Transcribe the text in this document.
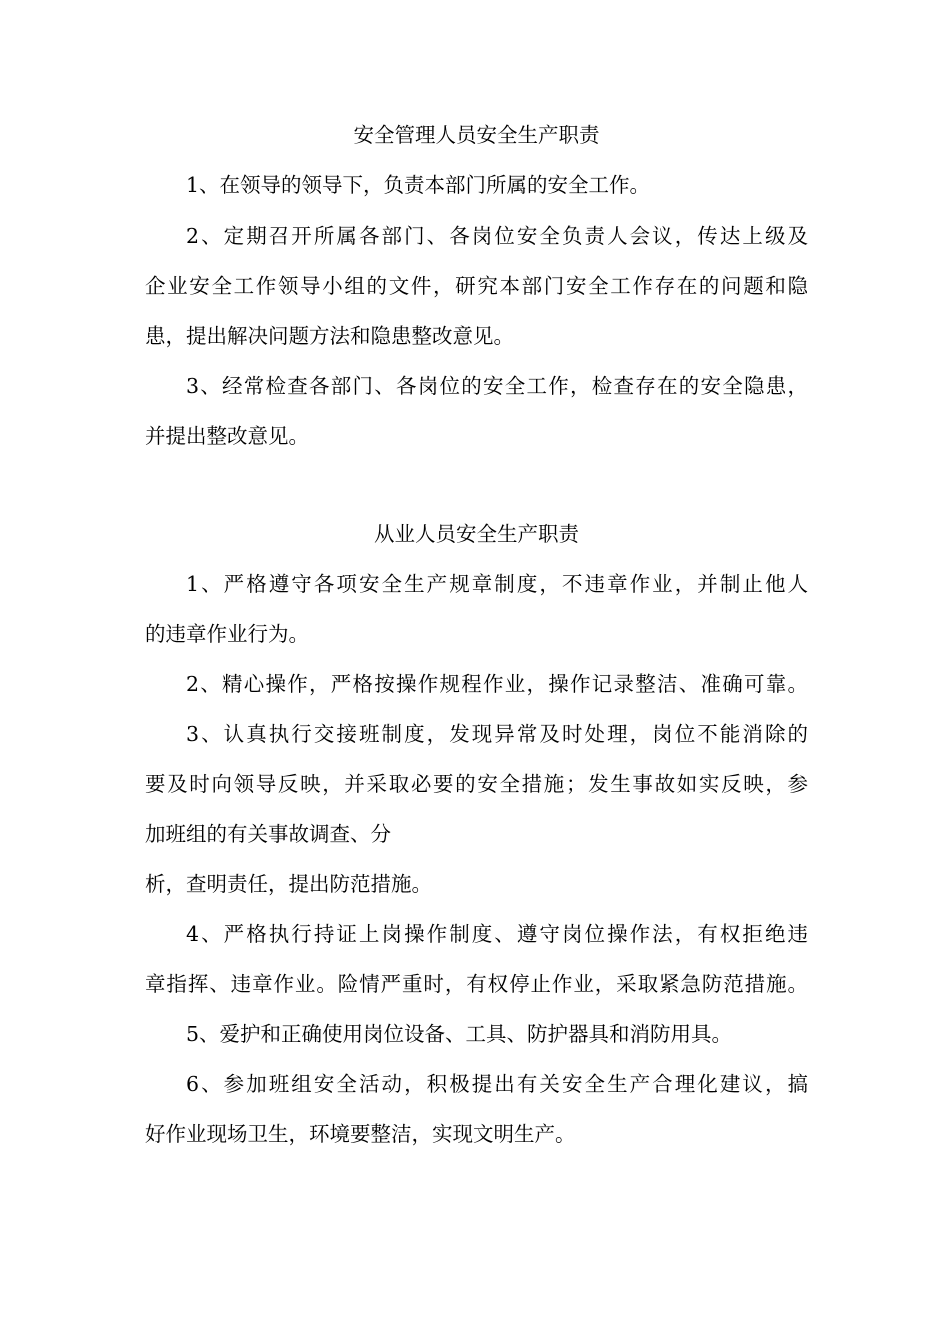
安全管理人员安全生产职责
1、在领导的领导下，负责本部门所属的安全工作。
2、定期召开所属各部门、各岗位安全负责人会议，传达上级及
企业安全工作领导小组的文件，研究本部门安全工作存在的问题和隐
患，提出解决问题方法和隐患整改意见。
3、经常检查各部门、各岗位的安全工作，检查存在的安全隐患，
并提出整改意见。
从业人员安全生产职责
1、严格遵守各项安全生产规章制度，不违章作业，并制止他人
的违章作业行为。
2、精心操作，严格按操作规程作业，操作记录整洁、准确可靠。
3、认真执行交接班制度，发现异常及时处理，岗位不能消除的
要及时向领导反映，并采取必要的安全措施；发生事故如实反映，参
加班组的有关事故调查、分
析，查明责任，提出防范措施。
4、严格执行持证上岗操作制度、遵守岗位操作法，有权拒绝违
章指挥、违章作业。险情严重时，有权停止作业，采取紧急防范措施。
5、爱护和正确使用岗位设备、工具、防护器具和消防用具。
6、参加班组安全活动，积极提出有关安全生产合理化建议，搞
好作业现场卫生，环境要整洁，实现文明生产。
